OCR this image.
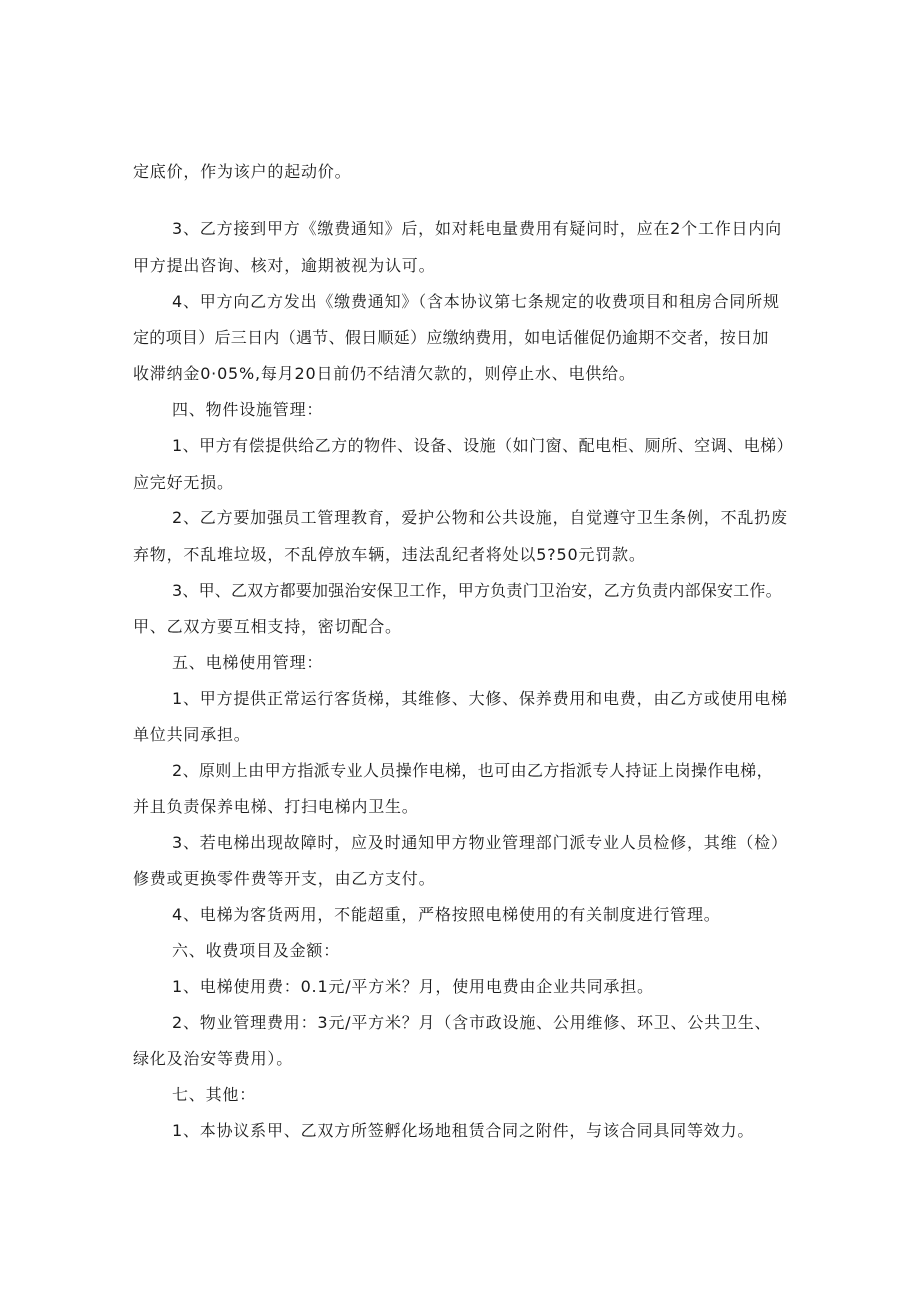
定底价，作为该户的起动价。
3、乙方接到甲方《缴费通知》后，如对耗电量费用有疑问时，应在2个工作日内向
甲方提出咨询、核对，逾期被视为认可。
4、甲方向乙方发出《缴费通知》（含本协议第七条规定的收费项目和租房合同所规
定的项目）后三日内（遇节、假日顺延）应缴纳费用，如电话催促仍逾期不交者，按日加
收滞纳金0·05%,每月20日前仍不结清欠款的，则停止水、电供给。
四、物件设施管理：
1、甲方有偿提供给乙方的物件、设备、设施（如门窗、配电柜、厕所、空调、电梯）
应完好无损。
2、乙方要加强员工管理教育，爱护公物和公共设施，自觉遵守卫生条例，不乱扔废
弃物，不乱堆垃圾，不乱停放车辆，违法乱纪者将处以5?50元罚款。
3、甲、乙双方都要加强治安保卫工作，甲方负责门卫治安，乙方负责内部保安工作。
甲、乙双方要互相支持，密切配合。
五、电梯使用管理：
1、甲方提供正常运行客货梯，其维修、大修、保养费用和电费，由乙方或使用电梯
单位共同承担。
2、原则上由甲方指派专业人员操作电梯，也可由乙方指派专人持证上岗操作电梯，
并且负责保养电梯、打扫电梯内卫生。
3、若电梯出现故障时，应及时通知甲方物业管理部门派专业人员检修，其维（检）
修费或更换零件费等开支，由乙方支付。
4、电梯为客货两用，不能超重，严格按照电梯使用的有关制度进行管理。
六、收费项目及金额：
1、电梯使用费：0.1元/平方米？月，使用电费由企业共同承担。
2、物业管理费用：3元/平方米？月（含市政设施、公用维修、环卫、公共卫生、
绿化及治安等费用）。
七、其他：
1、本协议系甲、乙双方所签孵化场地租赁合同之附件，与该合同具同等效力。
